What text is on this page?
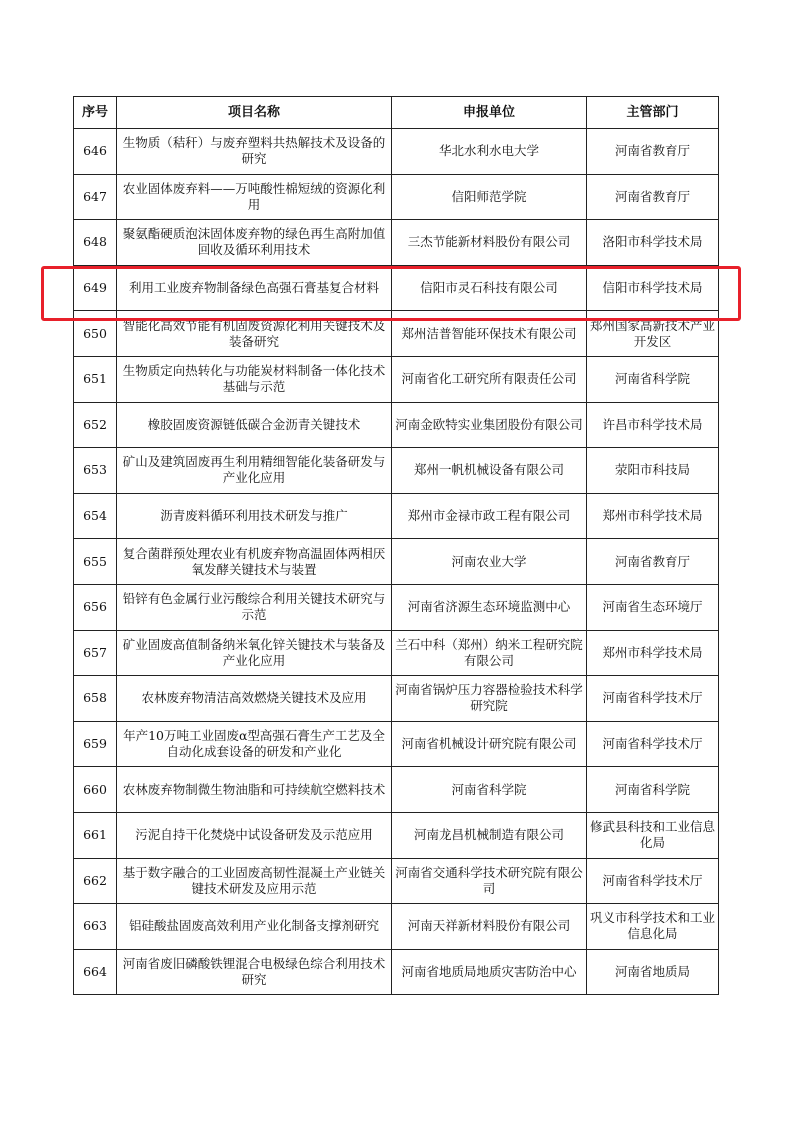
序号	项目名称	申报单位	主管部门
646	生物质（秸秆）与废弃塑料共热解技术及设备的研究	华北水利水电大学	河南省教育厅
647	农业固体废弃料——万吨酸性棉短绒的资源化利用	信阳师范学院	河南省教育厅
648	聚氨酯硬质泡沫固体废弃物的绿色再生高附加值回收及循环利用技术	三杰节能新材料股份有限公司	洛阳市科学技术局
649	利用工业废弃物制备绿色高强石膏基复合材料	信阳市灵石科技有限公司	信阳市科学技术局
650	智能化高效节能有机固废资源化利用关键技术及装备研究	郑州洁普智能环保技术有限公司	郑州国家高新技术产业开发区
651	生物质定向热转化与功能炭材料制备一体化技术基础与示范	河南省化工研究所有限责任公司	河南省科学院
652	橡胶固废资源链低碳合金沥青关键技术	河南金欧特实业集团股份有限公司	许昌市科学技术局
653	矿山及建筑固废再生利用精细智能化装备研发与产业化应用	郑州一帆机械设备有限公司	荥阳市科技局
654	沥青废料循环利用技术研发与推广	郑州市金禄市政工程有限公司	郑州市科学技术局
655	复合菌群预处理农业有机废弃物高温固体两相厌氧发酵关键技术与装置	河南农业大学	河南省教育厅
656	铅锌有色金属行业污酸综合利用关键技术研究与示范	河南省济源生态环境监测中心	河南省生态环境厅
657	矿业固废高值制备纳米氧化锌关键技术与装备及产业化应用	兰石中科（郑州）纳米工程研究院有限公司	郑州市科学技术局
658	农林废弃物清洁高效燃烧关键技术及应用	河南省锅炉压力容器检验技术科学研究院	河南省科学技术厅
659	年产10万吨工业固废α型高强石膏生产工艺及全自动化成套设备的研发和产业化	河南省机械设计研究院有限公司	河南省科学技术厅
660	农林废弃物制微生物油脂和可持续航空燃料技术	河南省科学院	河南省科学院
661	污泥自持干化焚烧中试设备研发及示范应用	河南龙昌机械制造有限公司	修武县科技和工业信息化局
662	基于数字融合的工业固废高韧性混凝土产业链关键技术研发及应用示范	河南省交通科学技术研究院有限公司	河南省科学技术厅
663	铝硅酸盐固废高效利用产业化制备支撑剂研究	河南天祥新材料股份有限公司	巩义市科学技术和工业信息化局
664	河南省废旧磷酸铁锂混合电极绿色综合利用技术研究	河南省地质局地质灾害防治中心	河南省地质局
